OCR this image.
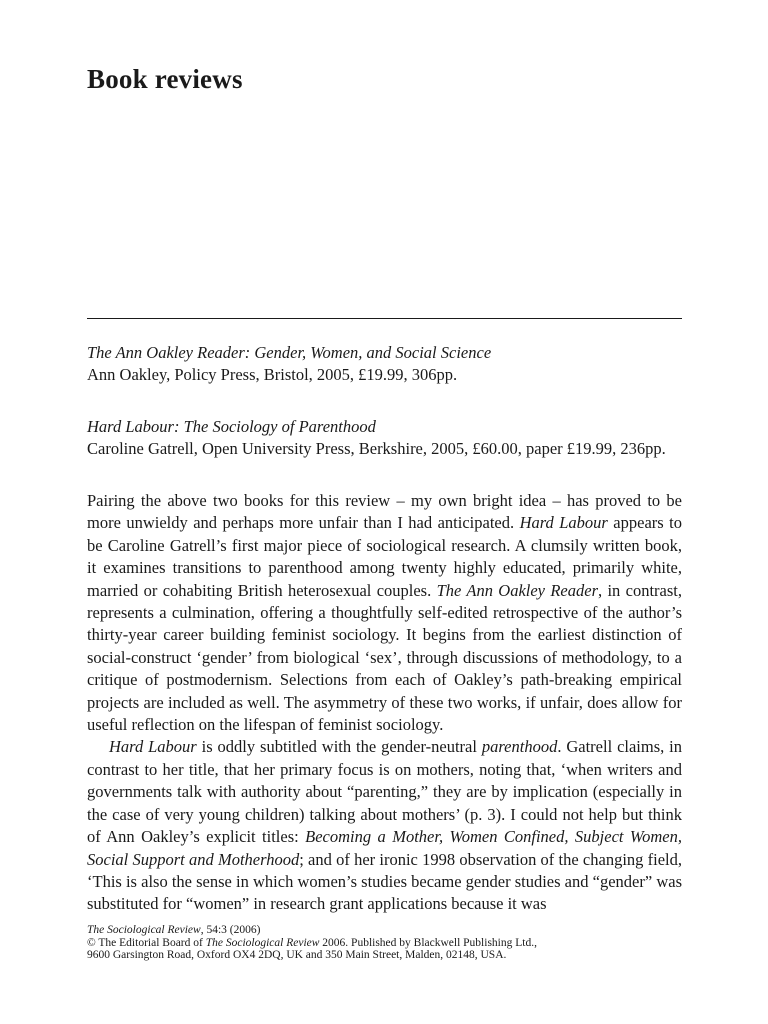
Book reviews
The Ann Oakley Reader: Gender, Women, and Social Science
Ann Oakley, Policy Press, Bristol, 2005, £19.99, 306pp.
Hard Labour: The Sociology of Parenthood
Caroline Gatrell, Open University Press, Berkshire, 2005, £60.00, paper £19.99, 236pp.

Pairing the above two books for this review – my own bright idea – has proved to be more unwieldy and perhaps more unfair than I had anticipated. Hard Labour appears to be Caroline Gatrell’s first major piece of sociological research. A clumsily written book, it examines transitions to parenthood among twenty highly educated, primarily white, married or cohabiting British heterosexual couples. The Ann Oakley Reader, in contrast, represents a culmination, offering a thoughtfully self-edited retrospective of the author’s thirty-year career building feminist sociology. It begins from the earliest distinction of social-construct ‘gender’ from biological ‘sex’, through discussions of methodology, to a critique of postmodernism. Selections from each of Oakley’s path-breaking empirical projects are included as well. The asymmetry of these two works, if unfair, does allow for useful reflection on the lifespan of feminist sociology.

Hard Labour is oddly subtitled with the gender-neutral parenthood. Gatrell claims, in contrast to her title, that her primary focus is on mothers, noting that, ‘when writers and governments talk with authority about “parenting,” they are by implication (especially in the case of very young children) talking about mothers’ (p. 3). I could not help but think of Ann Oakley’s explicit titles: Becoming a Mother, Women Confined, Subject Women, Social Support and Motherhood; and of her ironic 1998 observation of the changing field, ‘This is also the sense in which women’s studies became gender studies and “gender” was substituted for “women” in research grant applications because it was

The Sociological Review, 54:3 (2006)
© The Editorial Board of The Sociological Review 2006. Published by Blackwell Publishing Ltd.,
9600 Garsington Road, Oxford OX4 2DQ, UK and 350 Main Street, Malden, 02148, USA.
